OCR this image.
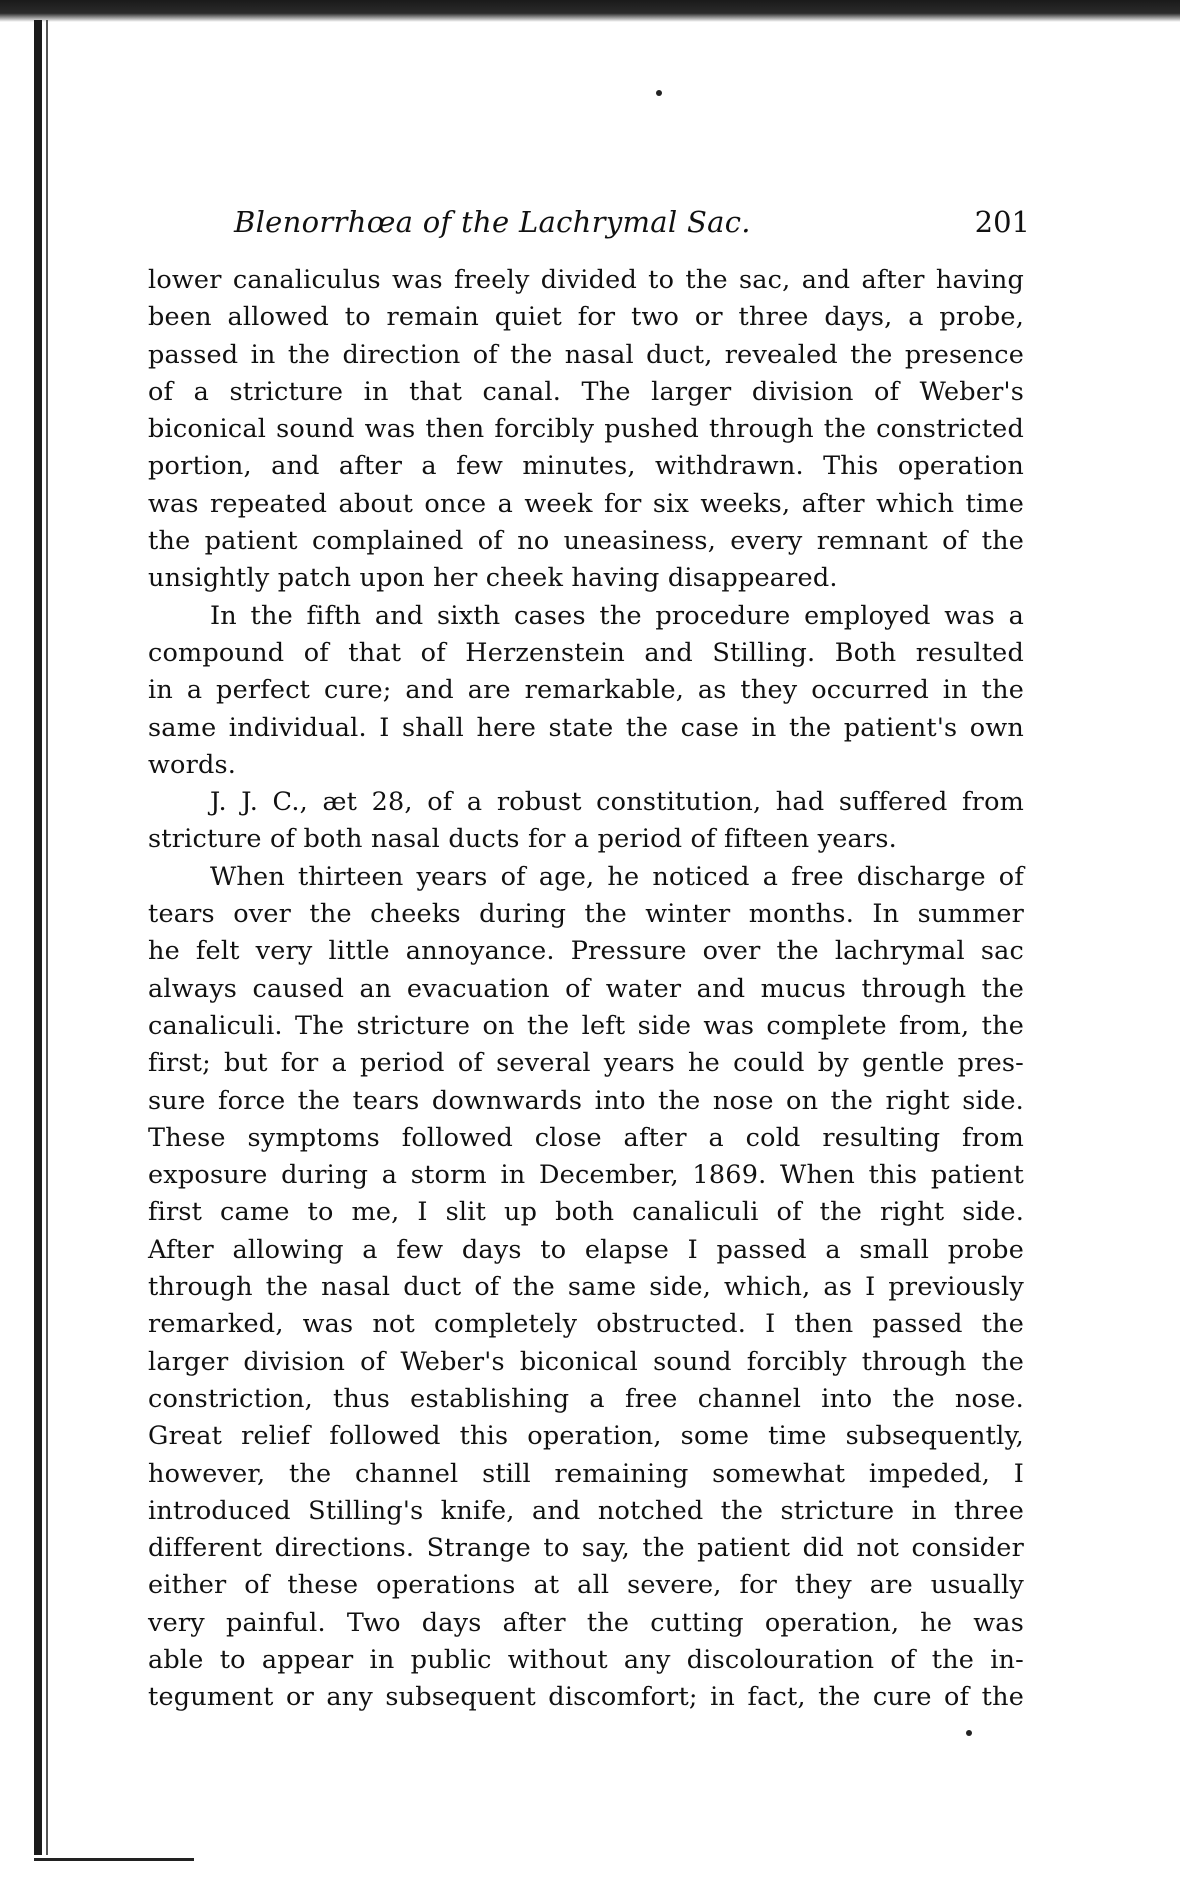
Blenorrhœa of the Lachrymal Sac.	201
lower canaliculus was freely divided to the sac, and after having
been allowed to remain quiet for two or three days, a probe,
passed in the direction of the nasal duct, revealed the presence
of a stricture in that canal. The larger division of Weber's
biconical sound was then forcibly pushed through the constricted
portion, and after a few minutes, withdrawn. This operation
was repeated about once a week for six weeks, after which time
the patient complained of no uneasiness, every remnant of the
unsightly patch upon her cheek having disappeared.
In the fifth and sixth cases the procedure employed was a
compound of that of Herzenstein and Stilling. Both resulted
in a perfect cure; and are remarkable, as they occurred in the
same individual. I shall here state the case in the patient's own
words.
J. J. C., æt 28, of a robust constitution, had suffered from
stricture of both nasal ducts for a period of fifteen years.
When thirteen years of age, he noticed a free discharge of
tears over the cheeks during the winter months. In summer
he felt very little annoyance. Pressure over the lachrymal sac
always caused an evacuation of water and mucus through the
canaliculi. The stricture on the left side was complete from, the
first; but for a period of several years he could by gentle pres-
sure force the tears downwards into the nose on the right side.
These symptoms followed close after a cold resulting from
exposure during a storm in December, 1869. When this patient
first came to me, I slit up both canaliculi of the right side.
After allowing a few days to elapse I passed a small probe
through the nasal duct of the same side, which, as I previously
remarked, was not completely obstructed. I then passed the
larger division of Weber's biconical sound forcibly through the
constriction, thus establishing a free channel into the nose.
Great relief followed this operation, some time subsequently,
however, the channel still remaining somewhat impeded, I
introduced Stilling's knife, and notched the stricture in three
different directions. Strange to say, the patient did not consider
either of these operations at all severe, for they are usually
very painful. Two days after the cutting operation, he was
able to appear in public without any discolouration of the in-
tegument or any subsequent discomfort; in fact, the cure of the
